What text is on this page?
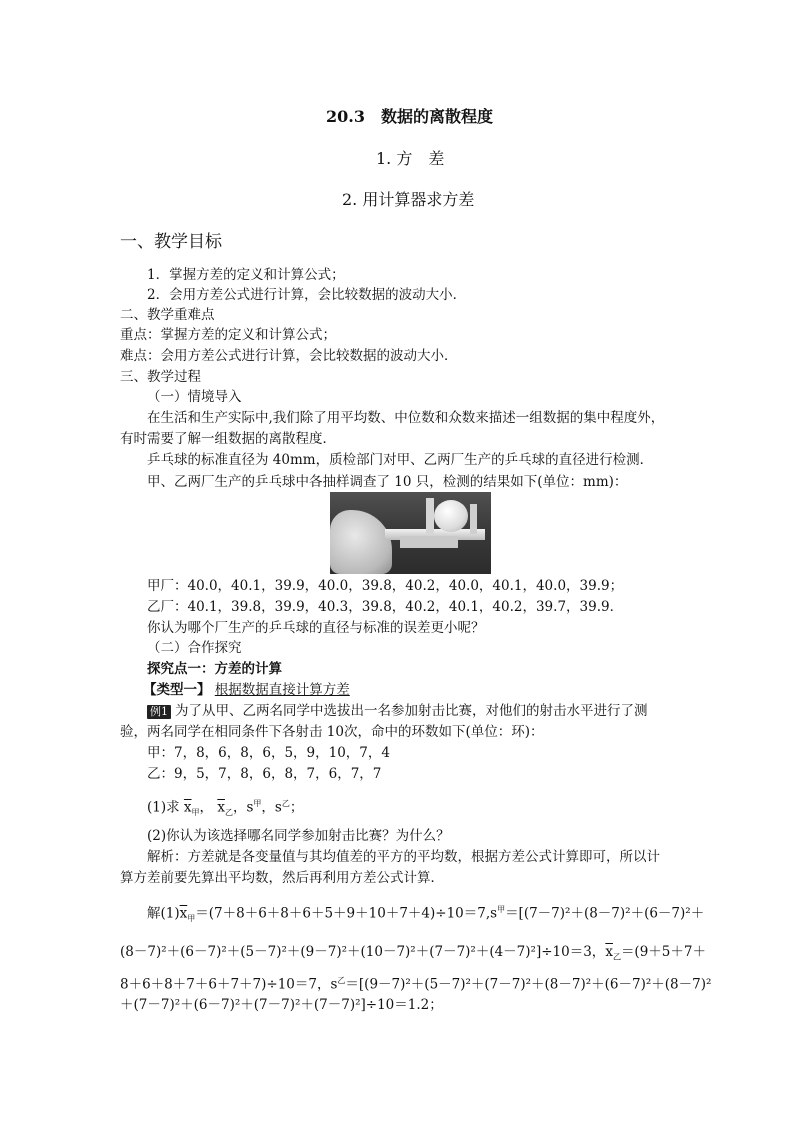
20.3　数据的离散程度
1. 方　差
2. 用计算器求方差
一、教学目标
1．掌握方差的定义和计算公式；
2．会用方差公式进行计算，会比较数据的波动大小．
二、教学重难点
重点：掌握方差的定义和计算公式；
难点：会用方差公式进行计算，会比较数据的波动大小．
三、教学过程
（一）情境导入
在生活和生产实际中,我们除了用平均数、中位数和众数来描述一组数据的集中程度外，
有时需要了解一组数据的离散程度．
乒乓球的标准直径为 40mm，质检部门对甲、乙两厂生产的乒乓球的直径进行检测．
甲、乙两厂生产的乒乓球中各抽样调查了 10 只，检测的结果如下(单位：mm)：
甲厂：40.0，40.1，39.9，40.0，39.8，40.2，40.0，40.1，40.0，39.9；
乙厂：40.1，39.8，39.9，40.3，39.8，40.2，40.1，40.2，39.7，39.9．
你认为哪个厂生产的乒乓球的直径与标准的误差更小呢？
（二）合作探究
探究点一：方差的计算
【类型一】 根据数据直接计算方差
例1 为了从甲、乙两名同学中选拔出一名参加射击比赛，对他们的射击水平进行了测
验，两名同学在相同条件下各射击 10次，命中的环数如下(单位：环)：
甲：7，8，6，8，6，5，9，10，7，4
乙：9，5，7，8，6，8，7，6，7，7
(1)求 $\overline{x}_甲$， $\overline{x}_乙$，$s^甲$，$s^乙$；
(2)你认为该选择哪名同学参加射击比赛？为什么？
解析：方差就是各变量值与其均值差的平方的平均数，根据方差公式计算即可，所以计
算方差前要先算出平均数，然后再利用方差公式计算．
解$(1)\overline{x}_甲=(7+8+6+8+6+5+9+10+7+4)\div 10=7,s^甲=[(7-7)^2+(8-7)^2+(6-7)^2+$
(8－7)²＋(6－7)²＋(5－7)²＋(9－7)²＋(10－7)²＋(7－7)²＋(4－7)²]÷10＝3，$\overline{x}_乙=(9+5+7+$
8＋6＋8＋7＋6＋7＋7)÷10＝7，$s^乙=[(9-7)^2+(5-7)^2+(7-7)^2+(8-7)^2+(6-7)^2+(8-7)^2$
＋(7－7)²＋(6－7)²＋(7－7)²＋(7－7)²]÷10＝1.2；
